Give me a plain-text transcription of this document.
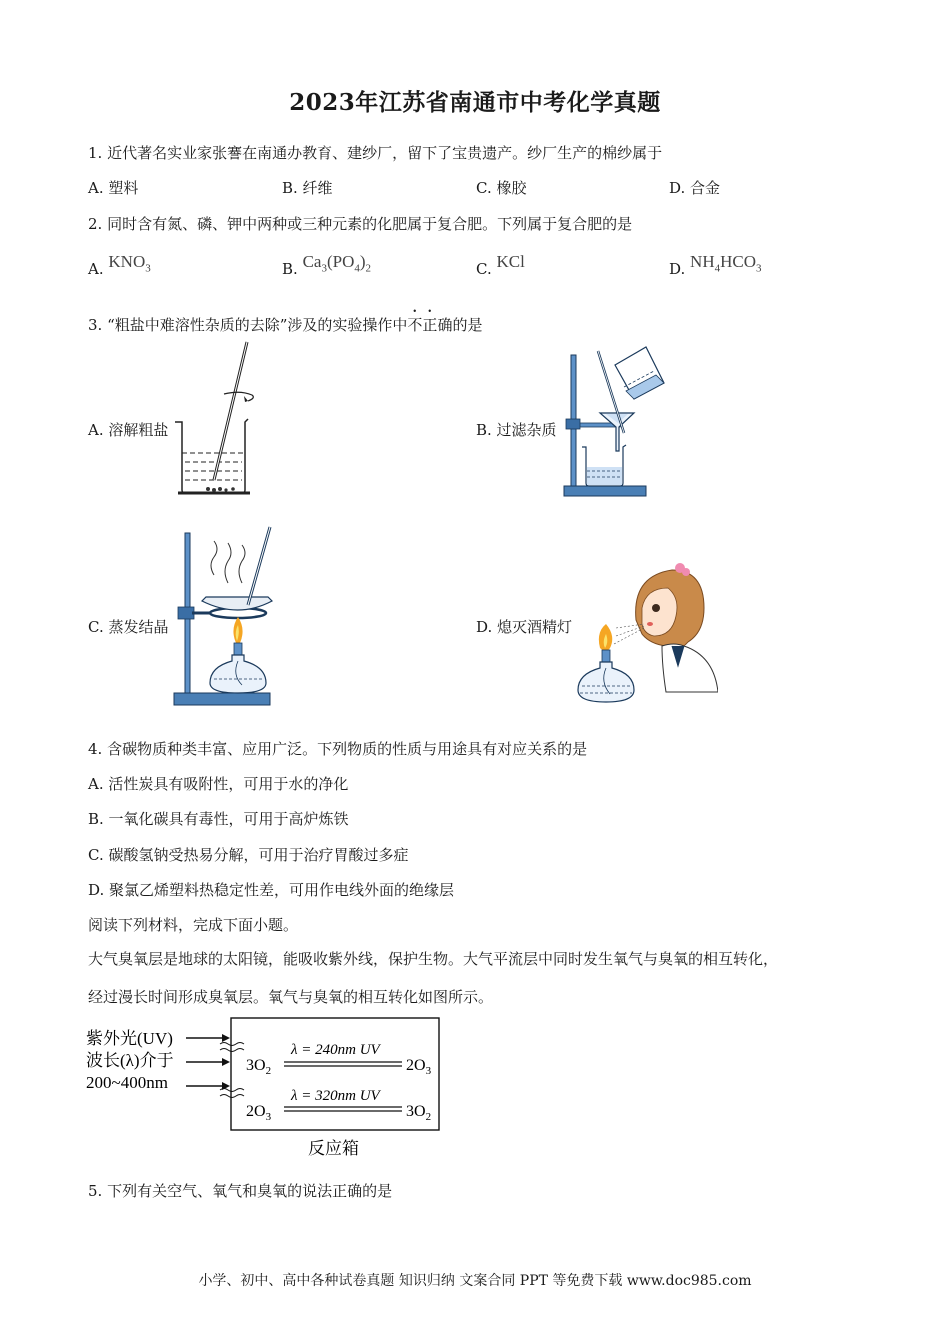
2023年江苏省南通市中考化学真题
1. 近代著名实业家张謇在南通办教育、建纱厂，留下了宝贵遗产。纱厂生产的棉纱属于
A. 塑料	B. 纤维	C. 橡胶	D. 合金
2. 同时含有氮、磷、钾中两种或三种元素的化肥属于复合肥。下列属于复合肥的是
A. $KNO_3$	B. $Ca_3(PO_4)_2$	C. KCl	D. $NH_4HCO_3$
3. “粗盐中难溶性杂质的去除”涉及的实验操作中不正确的是
A. 溶解粗盐	B. 过滤杂质
C. 蒸发结晶	D. 熄灭酒精灯
4. 含碳物质种类丰富、应用广泛。下列物质的性质与用途具有对应关系的是
A. 活性炭具有吸附性，可用于水的净化
B. 一氧化碳具有毒性，可用于高炉炼铁
C. 碳酸氢钠受热易分解，可用于治疗胃酸过多症
D. 聚氯乙烯塑料热稳定性差，可用作电线外面的绝缘层
阅读下列材料，完成下面小题。
大气臭氧层是地球的太阳镜，能吸收紫外线，保护生物。大气平流层中同时发生氧气与臭氧的相互转化，
经过漫长时间形成臭氧层。氧气与臭氧的相互转化如图所示。
紫外光(UV)
波长(λ)介于
200~400nm
$3O_2$
λ = 240nm UV
$2O_3$
$2O_3$
λ = 320nm UV
$3O_2$
反应箱
5. 下列有关空气、氧气和臭氧的说法正确的是
小学、初中、高中各种试卷真题 知识归纳 文案合同 PPT 等免费下载 www.doc985.com
